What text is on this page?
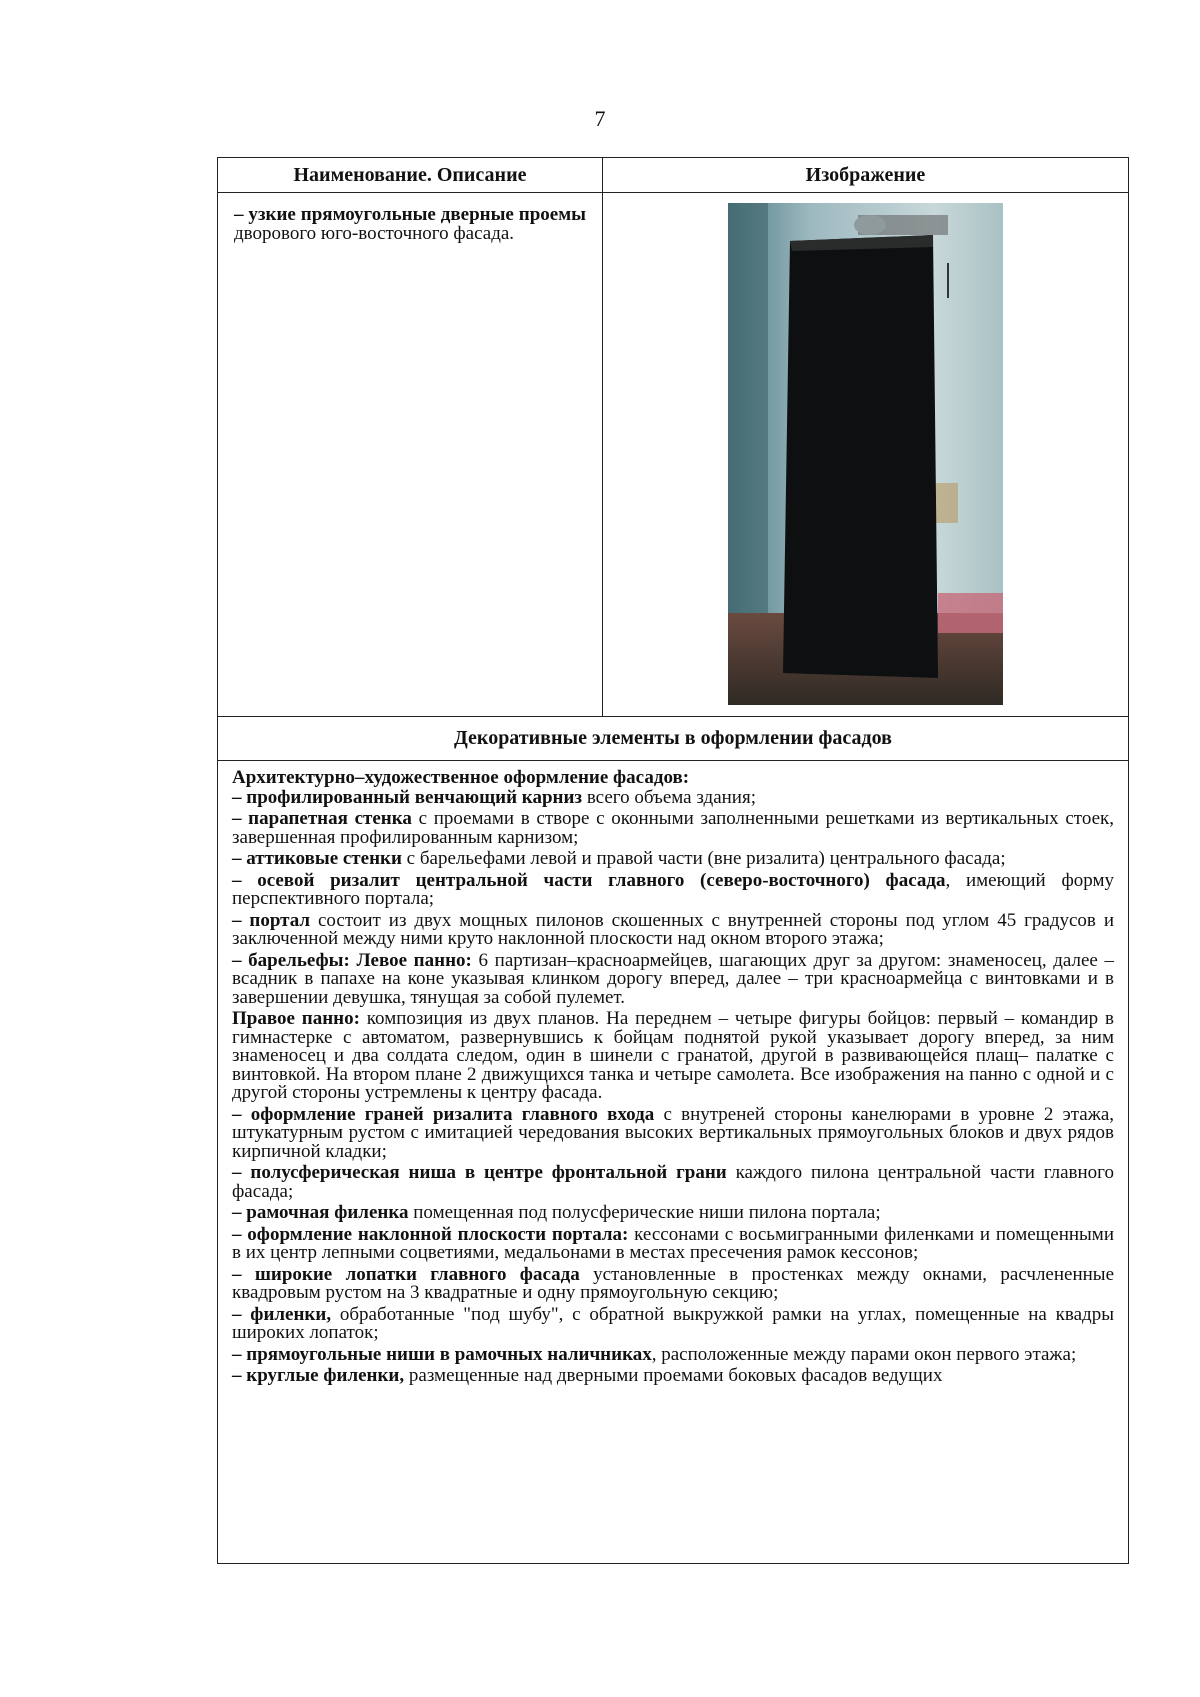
7
Наименование. Описание	Изображение
– узкие прямоугольные дверные проемы дворового юго-восточного фасада.
Декоративные элементы в оформлении фасадов

Архитектурно–художественное оформление фасадов:

– профилированный венчающий карниз всего объема здания;

– парапетная стенка с проемами в створе с оконными заполненными решетками из вертикальных стоек, завершенная профилированным карнизом;

– аттиковые стенки с барельефами левой и правой части (вне ризалита) центрального фасада;

– осевой ризалит центральной части главного (северо-восточного) фасада, имеющий форму перспективного портала;

– портал состоит из двух мощных пилонов скошенных с внутренней стороны под углом 45 градусов и заключенной между ними круто наклонной плоскости над окном второго этажа;

– барельефы: Левое панно: 6 партизан–красноармейцев, шагающих друг за другом: знаменосец, далее – всадник в папахе на коне указывая клинком дорогу вперед, далее – три красноармейца с винтовками и в завершении девушка, тянущая за собой пулемет.

Правое панно: композиция из двух планов. На переднем – четыре фигуры бойцов: первый – командир в гимнастерке с автоматом, развернувшись к бойцам поднятой рукой указывает дорогу вперед, за ним знаменосец и два солдата следом, один в шинели с гранатой, другой в развивающейся плащ– палатке с винтовкой. На втором плане 2 движущихся танка и четыре самолета. Все изображения на панно с одной и с другой стороны устремлены к центру фасада.

– оформление граней ризалита главного входа с внутреней стороны канелюрами в уровне 2 этажа, штукатурным рустом с имитацией чередования высоких вертикальных прямоугольных блоков и двух рядов кирпичной кладки;

– полусферическая ниша в центре фронтальной грани каждого пилона центральной части главного фасада;

– рамочная филенка помещенная под полусферические ниши пилона портала;

– оформление наклонной плоскости портала: кессонами с восьмигранными филенками и помещенными в их центр лепными соцветиями, медальонами в местах пресечения рамок кессонов;

– широкие лопатки главного фасада установленные в простенках между окнами, расчлененные квадровым рустом на 3 квадратные и одну прямоугольную секцию;

– филенки, обработанные "под шубу", с обратной выкружкой рамки на углах, помещенные на квадры широких лопаток;

– прямоугольные ниши в рамочных наличниках, расположенные между парами окон первого этажа;

– круглые филенки, размещенные над дверными проемами боковых фасадов ведущих
